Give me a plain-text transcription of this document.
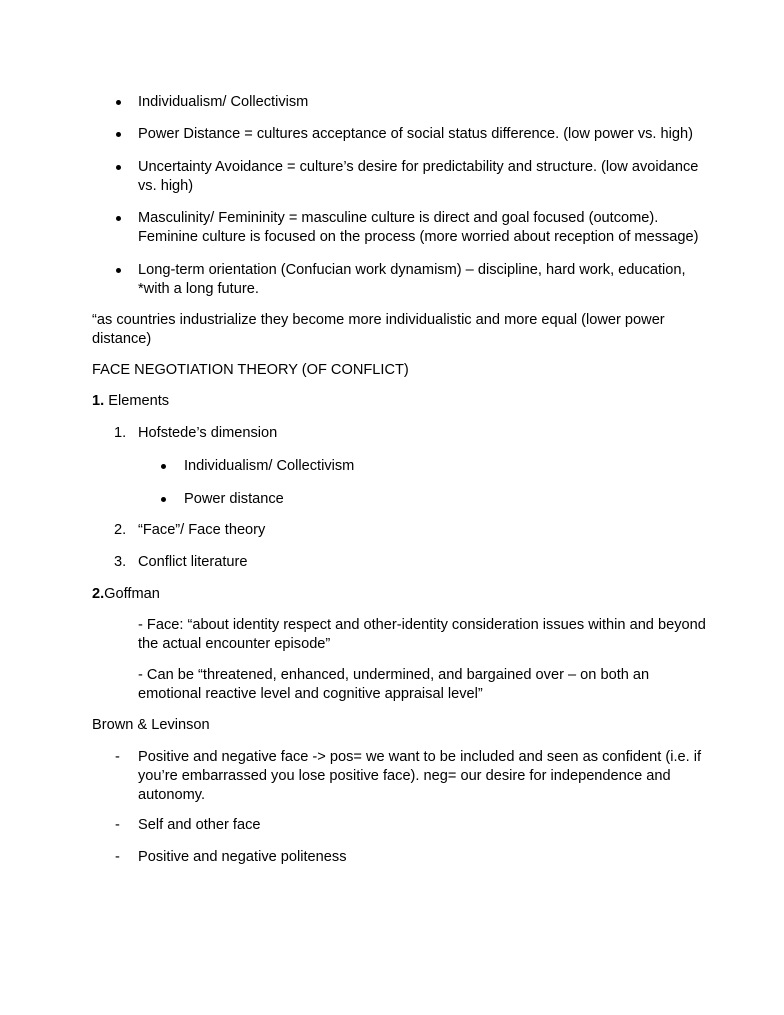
Individualism/ Collectivism
Power Distance = cultures acceptance of social status difference. (low power vs. high)
Uncertainty Avoidance = culture’s desire for predictability and structure. (low avoidance
vs. high)
Masculinity/ Femininity = masculine culture is direct and goal focused (outcome).
Feminine culture is focused on the process (more worried about reception of message)
Long-term orientation (Confucian work dynamism) – discipline, hard work, education,
*with a long future.
“as countries industrialize they become more individualistic and more equal (lower power
distance)
FACE NEGOTIATION THEORY (OF CONFLICT)
1. Elements
1. Hofstede’s dimension
Individualism/ Collectivism
Power distance
2. “Face”/ Face theory
3. Conflict literature
2.Goffman
- Face: “about identity respect and other-identity consideration issues within and beyond
the actual encounter episode”
- Can be “threatened, enhanced, undermined, and bargained over – on both an
emotional reactive level and cognitive appraisal level”
Brown & Levinson
- Positive and negative face -> pos= we want to be included and seen as confident (i.e. if
you’re embarrassed you lose positive face). neg= our desire for independence and
autonomy.
- Self and other face
- Positive and negative politeness
